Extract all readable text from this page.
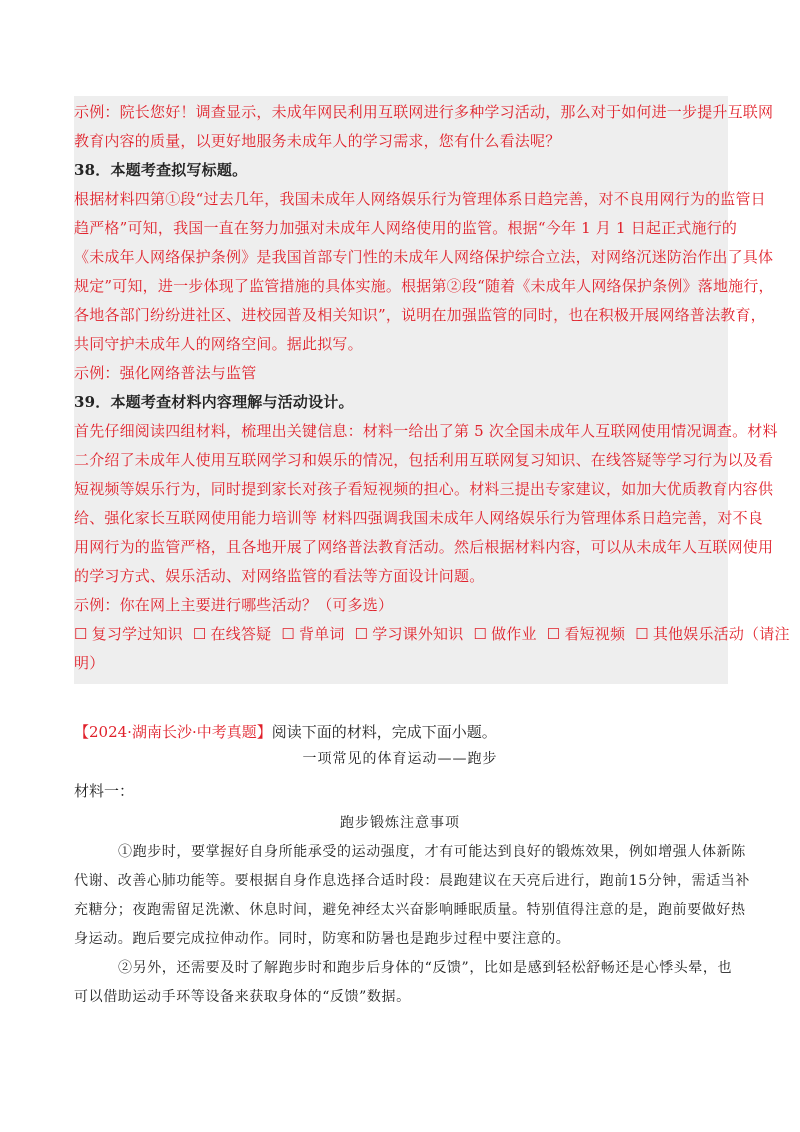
示例：院长您好！调查显示，未成年网民利用互联网进行多种学习活动，那么对于如何进一步提升互联网

教育内容的质量，以更好地服务未成年人的学习需求，您有什么看法呢？

38．本题考查拟写标题。

根据材料四第①段“过去几年，我国未成年人网络娱乐行为管理体系日趋完善，对不良用网行为的监管日

趋严格”可知，我国一直在努力加强对未成年人网络使用的监管。根据“今年 1 月 1 日起正式施行的

《未成年人网络保护条例》是我国首部专门性的未成年人网络保护综合立法，对网络沉迷防治作出了具体

规定”可知，进一步体现了监管措施的具体实施。根据第②段“随着《未成年人网络保护条例》落地施行，

各地各部门纷纷进社区、进校园普及相关知识”，说明在加强监管的同时，也在积极开展网络普法教育，

共同守护未成年人的网络空间。据此拟写。

示例：强化网络普法与监管

39．本题考查材料内容理解与活动设计。

首先仔细阅读四组材料，梳理出关键信息：材料一给出了第 5 次全国未成年人互联网使用情况调查。材料

二介绍了未成年人使用互联网学习和娱乐的情况，包括利用互联网复习知识、在线答疑等学习行为以及看

短视频等娱乐行为，同时提到家长对孩子看短视频的担心。材料三提出专家建议，如加大优质教育内容供

给、强化家长互联网使用能力培训等 材料四强调我国未成年人网络娱乐行为管理体系日趋完善，对不良

用网行为的监管严格，且各地开展了网络普法教育活动。然后根据材料内容，可以从未成年人互联网使用

的学习方式、娱乐活动、对网络监管的看法等方面设计问题。

示例：你在网上主要进行哪些活动？（可多选）

☐ 复习学过知识 ☐ 在线答疑 ☐ 背单词 ☐ 学习课外知识 ☐ 做作业 ☐ 看短视频 ☐ 其他娱乐活动（请注

明）

【2024·湖南长沙·中考真题】阅读下面的材料，完成下面小题。
一项常见的体育运动——跑步
材料一：
跑步锻炼注意事项

①跑步时，要掌握好自身所能承受的运动强度，才有可能达到良好的锻炼效果，例如增强人体新陈

代谢、改善心肺功能等。要根据自身作息选择合适时段：晨跑建议在天亮后进行，跑前15分钟，需适当补

充糖分；夜跑需留足洗漱、休息时间，避免神经太兴奋影响睡眠质量。特别值得注意的是，跑前要做好热

身运动。跑后要完成拉伸动作。同时，防寒和防暑也是跑步过程中要注意的。

②另外，还需要及时了解跑步时和跑步后身体的“反馈”，比如是感到轻松舒畅还是心悸头晕，也

可以借助运动手环等设备来获取身体的“反馈”数据。
